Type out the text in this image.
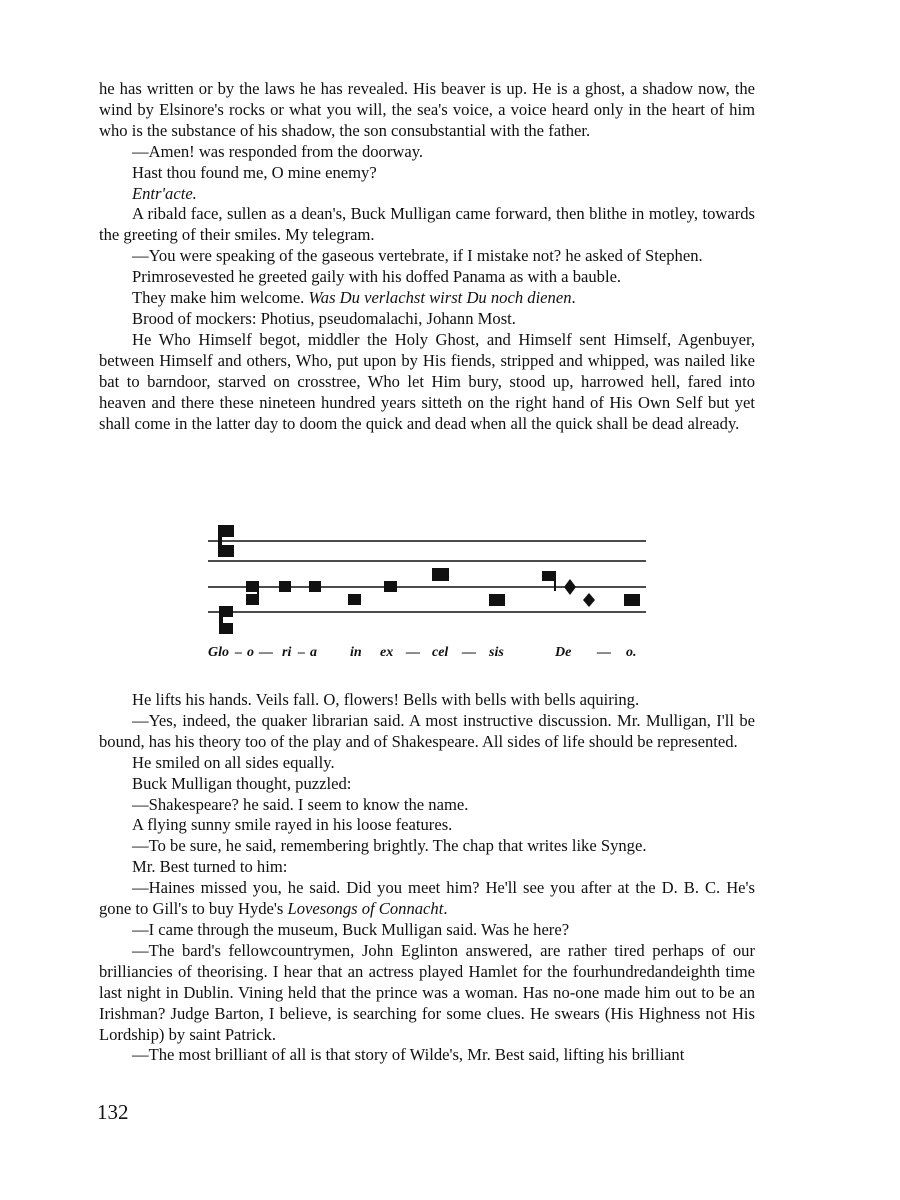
he has written or by the laws he has revealed. His beaver is up. He is a ghost, a shadow now, the wind by Elsinore's rocks or what you will, the sea's voice, a voice heard only in the heart of him who is the substance of his shadow, the son consubstantial with the father.

—Amen! was responded from the doorway.

Hast thou found me, O mine enemy?

Entr'acte.

A ribald face, sullen as a dean's, Buck Mulligan came forward, then blithe in motley, towards the greeting of their smiles. My telegram.

—You were speaking of the gaseous vertebrate, if I mistake not? he asked of Stephen.

Primrosevested he greeted gaily with his doffed Panama as with a bauble.

They make him welcome. Was Du verlachst wirst Du noch dienen.

Brood of mockers: Photius, pseudomalachi, Johann Most.

He Who Himself begot, middler the Holy Ghost, and Himself sent Himself, Agenbuyer, between Himself and others, Who, put upon by His fiends, stripped and whipped, was nailed like bat to barndoor, starved on crosstree, Who let Him bury, stood up, harrowed hell, fared into heaven and there these nineteen hundred years sitteth on the right hand of His Own Self but yet shall come in the latter day to doom the quick and dead when all the quick shall be dead already.

Glo – o — ri – a in ex — cel — sis	De — o.

He lifts his hands. Veils fall. O, flowers! Bells with bells with bells aquiring.

—Yes, indeed, the quaker librarian said. A most instructive discussion. Mr. Mulligan, I'll be bound, has his theory too of the play and of Shakespeare. All sides of life should be represented.

He smiled on all sides equally.

Buck Mulligan thought, puzzled:

—Shakespeare? he said. I seem to know the name.

A flying sunny smile rayed in his loose features.

—To be sure, he said, remembering brightly. The chap that writes like Synge.

Mr. Best turned to him:

—Haines missed you, he said. Did you meet him? He'll see you after at the D. B. C. He's gone to Gill's to buy Hyde's Lovesongs of Connacht.

—I came through the museum, Buck Mulligan said. Was he here?

—The bard's fellowcountrymen, John Eglinton answered, are rather tired perhaps of our brilliancies of theorising. I hear that an actress played Hamlet for the fourhundredandeighth time last night in Dublin. Vining held that the prince was a woman. Has no-one made him out to be an Irishman? Judge Barton, I believe, is searching for some clues. He swears (His Highness not His Lordship) by saint Patrick.

—The most brilliant of all is that story of Wilde's, Mr. Best said, lifting his brilliant

132
